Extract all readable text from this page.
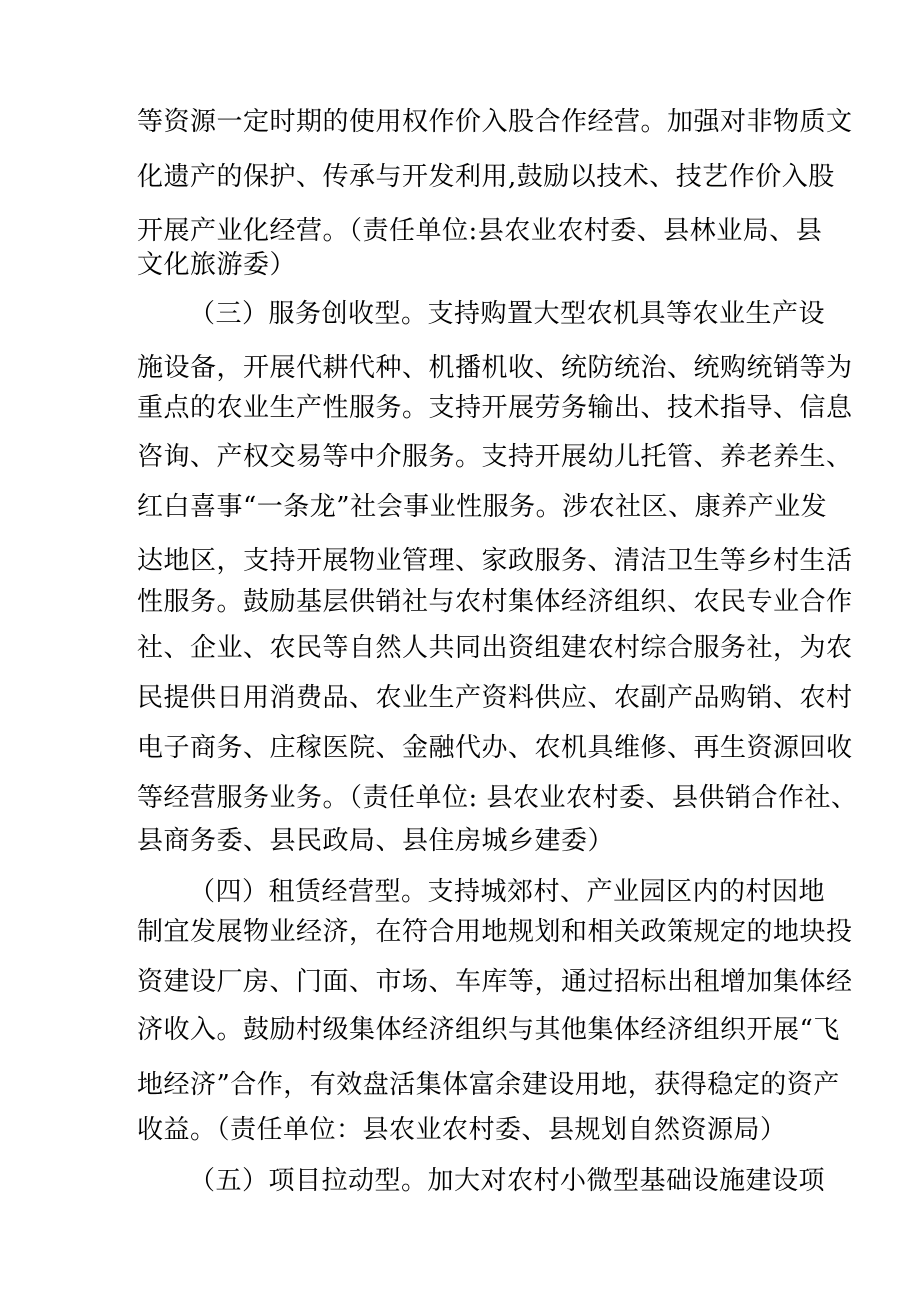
等资源一定时期的使用权作价入股合作经营。加强对非物质文
化遗产的保护、传承与开发利用,鼓励以技术、技艺作价入股
开展产业化经营。（责任单位:县农业农村委、县林业局、县
文化旅游委）
（三）服务创收型。支持购置大型农机具等农业生产设
施设备，开展代耕代种、机播机收、统防统治、统购统销等为
重点的农业生产性服务。支持开展劳务输出、技术指导、信息
咨询、产权交易等中介服务。支持开展幼儿托管、养老养生、
红白喜事“一条龙”社会事业性服务。涉农社区、康养产业发
达地区，支持开展物业管理、家政服务、清洁卫生等乡村生活
性服务。鼓励基层供销社与农村集体经济组织、农民专业合作
社、企业、农民等自然人共同出资组建农村综合服务社，为农
民提供日用消费品、农业生产资料供应、农副产品购销、农村
电子商务、庄稼医院、金融代办、农机具维修、再生资源回收
等经营服务业务。（责任单位: 县农业农村委、县供销合作社、
县商务委、县民政局、县住房城乡建委）
（四）租赁经营型。支持城郊村、产业园区内的村因地
制宜发展物业经济，在符合用地规划和相关政策规定的地块投
资建设厂房、门面、市场、车库等，通过招标出租增加集体经
济收入。鼓励村级集体经济组织与其他集体经济组织开展“飞
地经济”合作，有效盘活集体富余建设用地，获得稳定的资产
收益。（责任单位：县农业农村委、县规划自然资源局）
（五）项目拉动型。加大对农村小微型基础设施建设项
